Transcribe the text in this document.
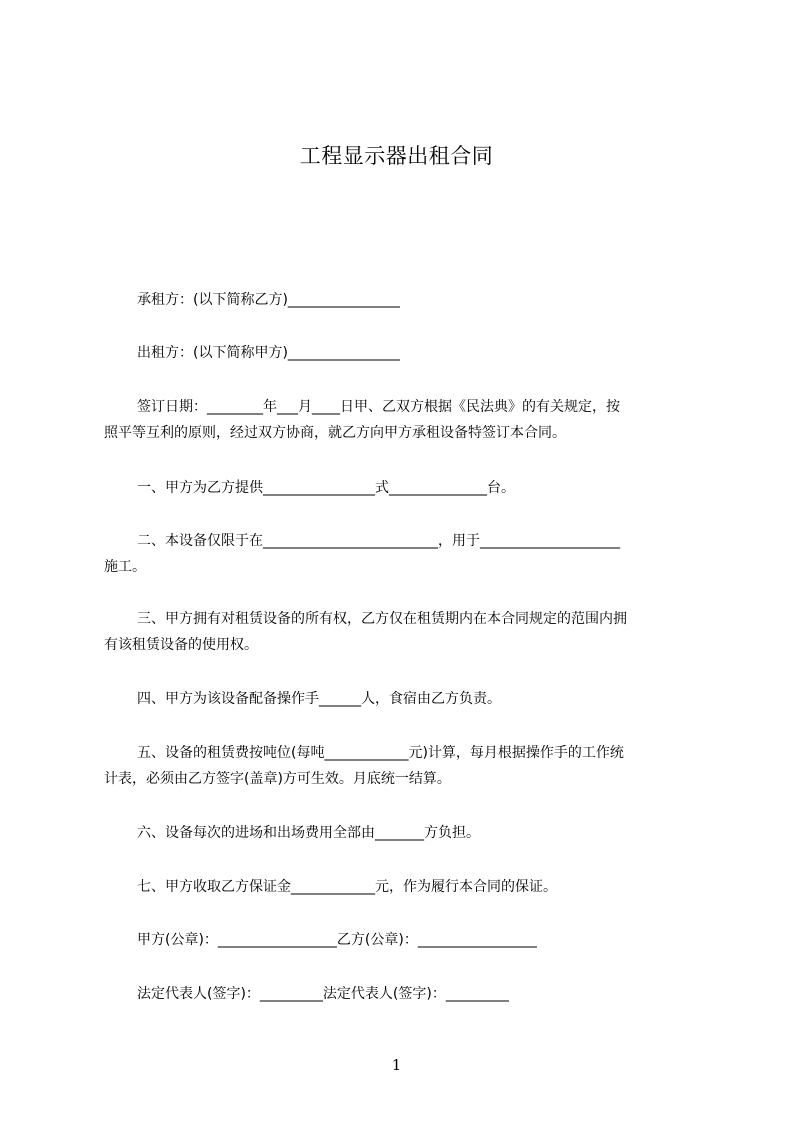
工程显示器出租合同
承租方：(以下简称乙方)________________
出租方：(以下简称甲方)________________
签订日期：________年___月____日甲、乙双方根据《民法典》的有关规定，按
照平等互利的原则，经过双方协商，就乙方向甲方承租设备特签订本合同。
一、甲方为乙方提供________________式______________台。
二、本设备仅限于在_________________________，用于____________________
施工。
三、甲方拥有对租赁设备的所有权，乙方仅在租赁期内在本合同规定的范围内拥
有该租赁设备的使用权。
四、甲方为该设备配备操作手______人，食宿由乙方负责。
五、设备的租赁费按吨位(每吨____________元)计算，每月根据操作手的工作统
计表，必须由乙方签字(盖章)方可生效。月底统一结算。
六、设备每次的进场和出场费用全部由_______方负担。
七、甲方收取乙方保证金____________元，作为履行本合同的保证。
甲方(公章)：_________________乙方(公章)：_________________
法定代表人(签字)：_________法定代表人(签字)：_________
1
